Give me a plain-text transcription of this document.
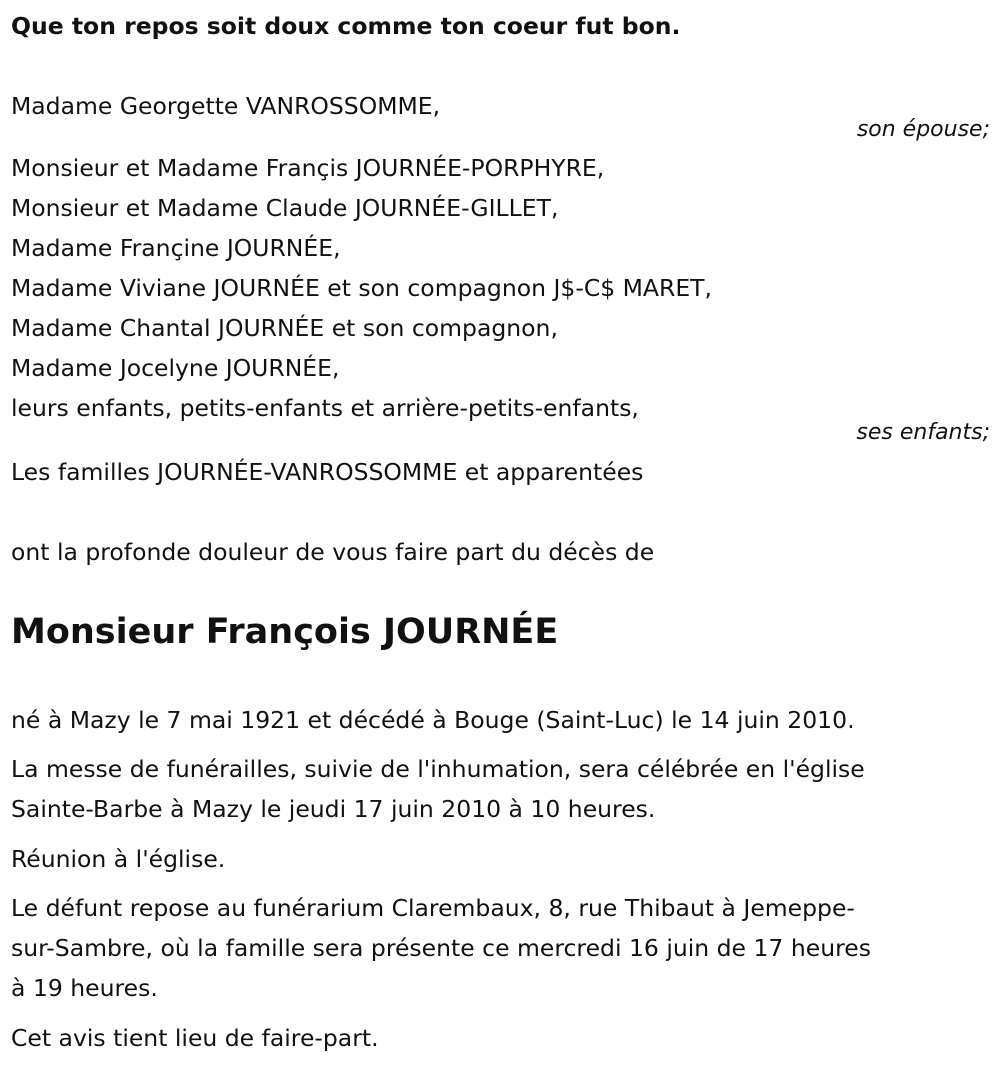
Que ton repos soit doux comme ton coeur fut bon.
Madame Georgette VANROSSOMME,
son épouse;
Monsieur et Madame Françis JOURNÉE-PORPHYRE,
Monsieur et Madame Claude JOURNÉE-GILLET,
Madame Françine JOURNÉE,
Madame Viviane JOURNÉE et son compagnon J$-C$ MARET,
Madame Chantal JOURNÉE et son compagnon,
Madame Jocelyne JOURNÉE,
leurs enfants, petits-enfants et arrière-petits-enfants,
ses enfants;
Les familles JOURNÉE-VANROSSOMME et apparentées
ont la profonde douleur de vous faire part du décès de
Monsieur François JOURNÉE
né à Mazy le 7 mai 1921 et décédé à Bouge (Saint-Luc) le 14 juin 2010.
La messe de funérailles, suivie de l'inhumation, sera célébrée en l'église
Sainte-Barbe à Mazy le jeudi 17 juin 2010 à 10 heures.
Réunion à l'église.
Le défunt repose au funérarium Clarembaux, 8, rue Thibaut à Jemeppe-
sur-Sambre, où la famille sera présente ce mercredi 16 juin de 17 heures
à 19 heures.
Cet avis tient lieu de faire-part.
